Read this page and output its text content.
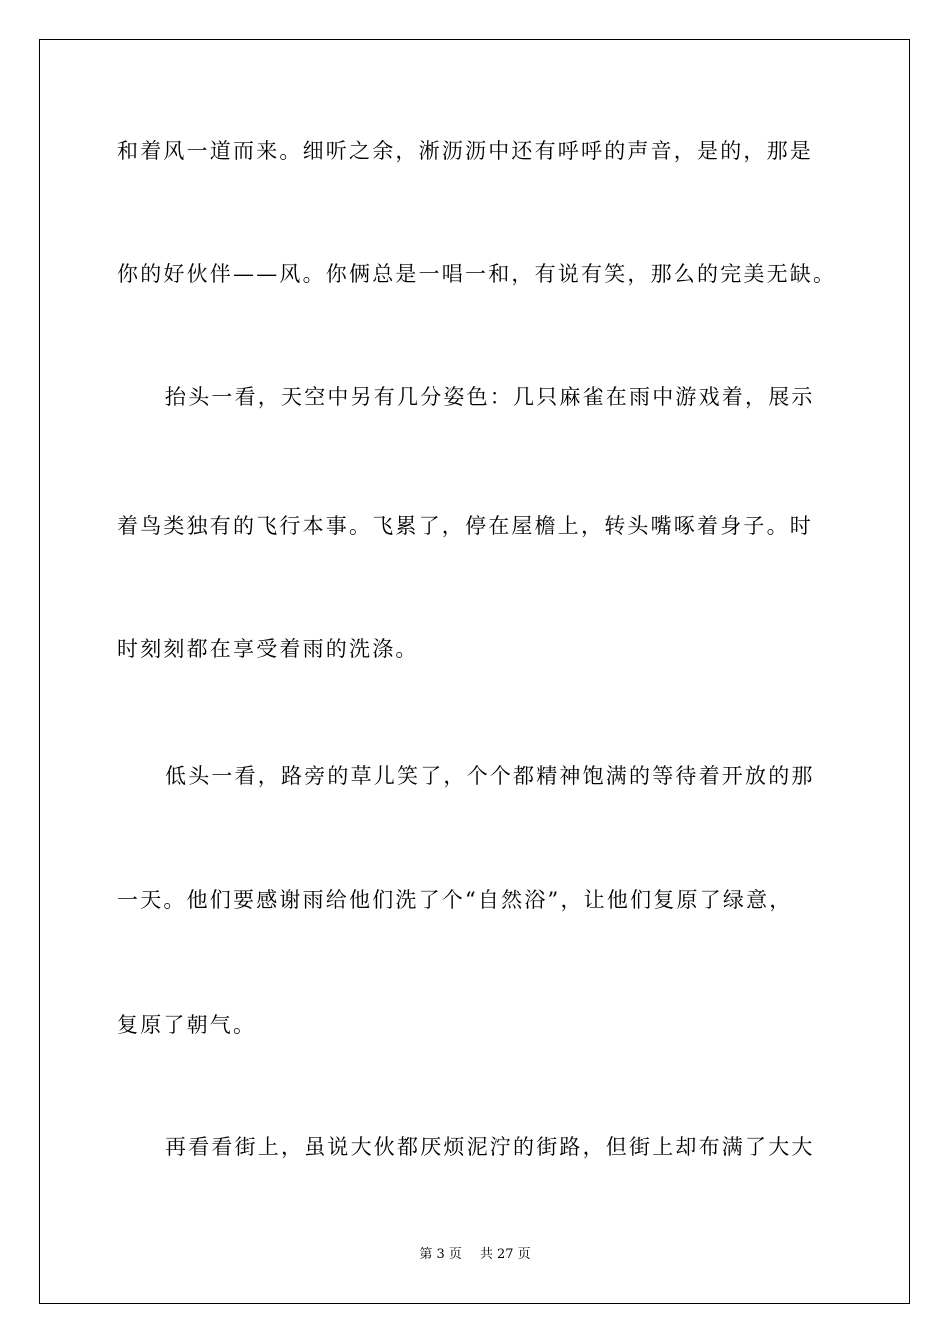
和着风一道而来。细听之余，淅沥沥中还有呼呼的声音，是的，那是
你的好伙伴——风。你俩总是一唱一和，有说有笑，那么的完美无缺。
抬头一看，天空中另有几分姿色：几只麻雀在雨中游戏着，展示
着鸟类独有的飞行本事。飞累了，停在屋檐上，转头嘴啄着身子。时
时刻刻都在享受着雨的洗涤。
低头一看，路旁的草儿笑了，个个都精神饱满的等待着开放的那
一天。他们要感谢雨给他们洗了个“自然浴”，让他们复原了绿意，
复原了朝气。
再看看街上，虽说大伙都厌烦泥泞的街路，但街上却布满了大大
第 3 页 共 27 页
